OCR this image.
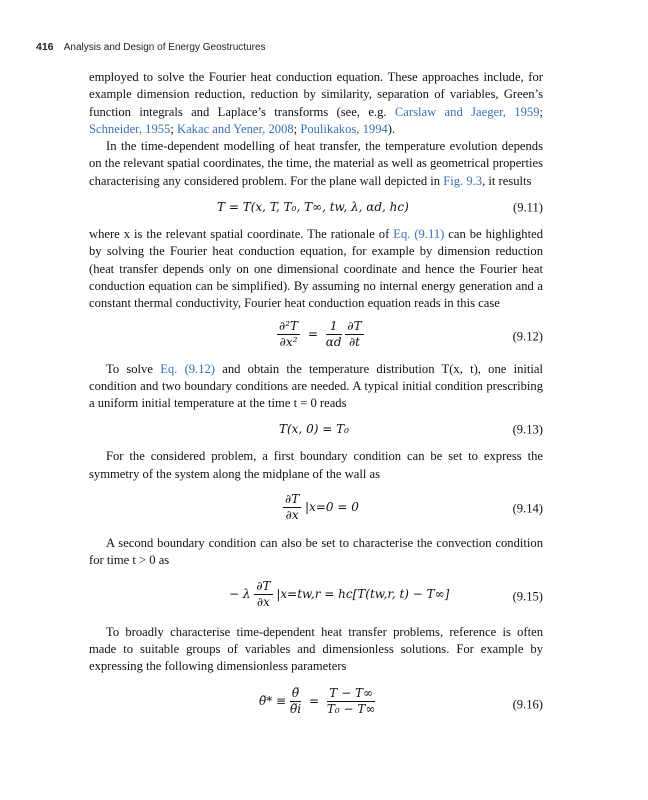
416 Analysis and Design of Energy Geostructures

employed to solve the Fourier heat conduction equation. These approaches include, for example dimension reduction, reduction by similarity, separation of variables, Green’s function integrals and Laplace’s transforms (see, e.g. Carslaw and Jaeger, 1959; Schneider, 1955; Kakac and Yener, 2008; Poulikakos, 1994).

In the time-dependent modelling of heat transfer, the temperature evolution depends on the relevant spatial coordinates, the time, the material as well as geometrical properties characterising any considered problem. For the plane wall depicted in Fig. 9.3, it results

T = T(x, T, T₀, T∞, tw, λ, αd, hc)	(9.11)

where x is the relevant spatial coordinate. The rationale of Eq. (9.11) can be highlighted by solving the Fourier heat conduction equation, for example by dimension reduction (heat transfer depends only on one dimensional coordinate and hence the Fourier heat conduction equation can be simplified). By assuming no internal energy generation and a constant thermal conductivity, Fourier heat conduction equation reads in this case

$\frac{\text{∂²T}}{\text{∂x²}} = \frac{1}{\alpha d}$
$\frac{\partial T}{\partial t}$	(9.12)

To solve Eq. (9.12) and obtain the temperature distribution T(x, t), one initial condition and two boundary conditions are needed. A typical initial condition prescribing a uniform initial temperature at the time t = 0 reads

T(x, 0) = T₀	(9.13)

For the considered problem, a first boundary condition can be set to express the symmetry of the system along the midplane of the wall as

$\frac{\partial T}{\partial x} |x=0 = 0$	(9.14)

A second boundary condition can also be set to characterise the convection condition for time t > 0 as

− λ $\frac{\partial T}{\partial x} |x=tw,r = hc[T(tw,r$, t) − T∞]	(9.15)

To broadly characterise time-dependent heat transfer problems, reference is often made to suitable groups of variables and dimensionless solutions. For example by expressing the following dimensionless parameters

θ̃* ≡ $\frac{\thetã}{\thetãi} = \frac{T - T\infty}{\text{T₀ − T∞}}$	(9.16)
